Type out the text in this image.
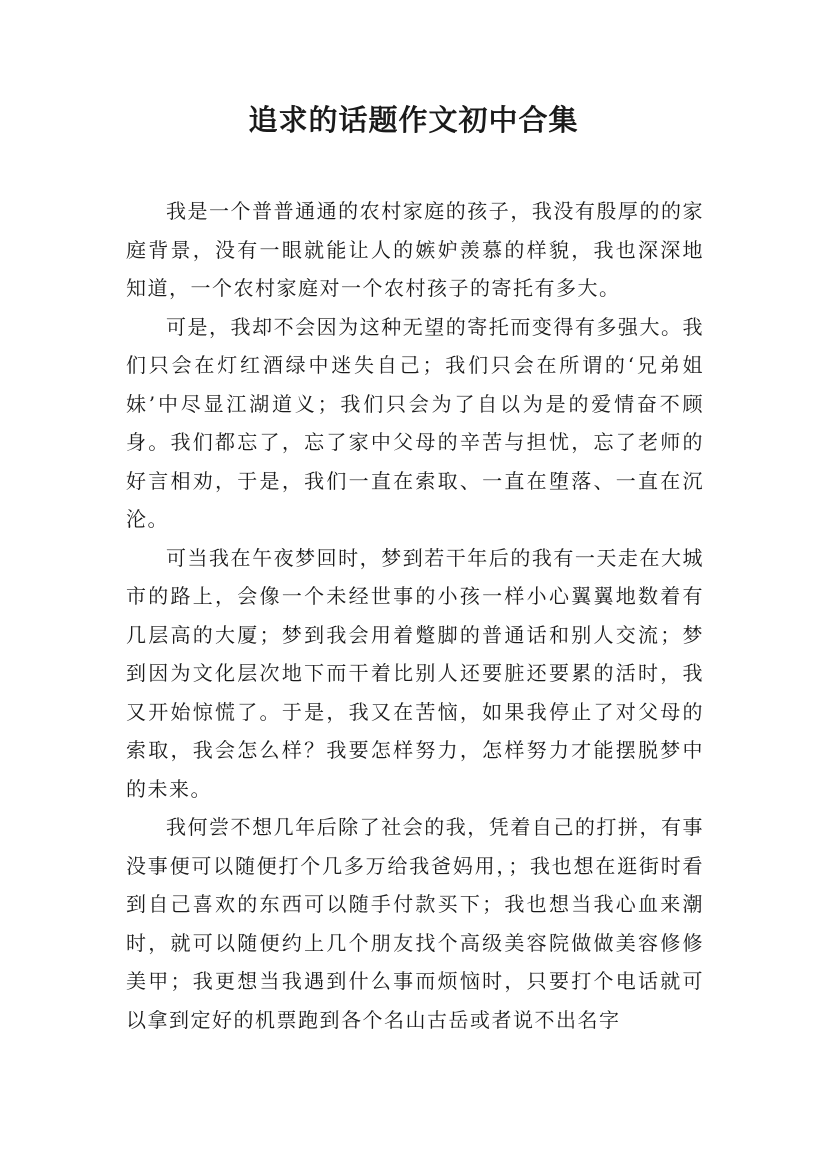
追求的话题作文初中合集

我是一个普普通通的农村家庭的孩子，我没有殷厚的的家庭背景，没有一眼就能让人的嫉妒羡慕的样貌，我也深深地知道，一个农村家庭对一个农村孩子的寄托有多大。

可是，我却不会因为这种无望的寄托而变得有多强大。我们只会在灯红酒绿中迷失自己；我们只会在所谓的‘兄弟姐妹’中尽显江湖道义；我们只会为了自以为是的爱情奋不顾身。我们都忘了，忘了家中父母的辛苦与担忧，忘了老师的好言相劝，于是，我们一直在索取、一直在堕落、一直在沉沦。

可当我在午夜梦回时，梦到若干年后的我有一天走在大城市的路上，会像一个未经世事的小孩一样小心翼翼地数着有几层高的大厦；梦到我会用着蹩脚的普通话和别人交流；梦到因为文化层次地下而干着比别人还要脏还要累的活时，我又开始惊慌了。于是，我又在苦恼，如果我停止了对父母的索取，我会怎么样？我要怎样努力，怎样努力才能摆脱梦中的未来。

我何尝不想几年后除了社会的我，凭着自己的打拼，有事没事便可以随便打个几多万给我爸妈用，；我也想在逛街时看到自己喜欢的东西可以随手付款买下；我也想当我心血来潮时，就可以随便约上几个朋友找个高级美容院做做美容修修美甲；我更想当我遇到什么事而烦恼时，只要打个电话就可以拿到定好的机票跑到各个名山古岳或者说不出名字
